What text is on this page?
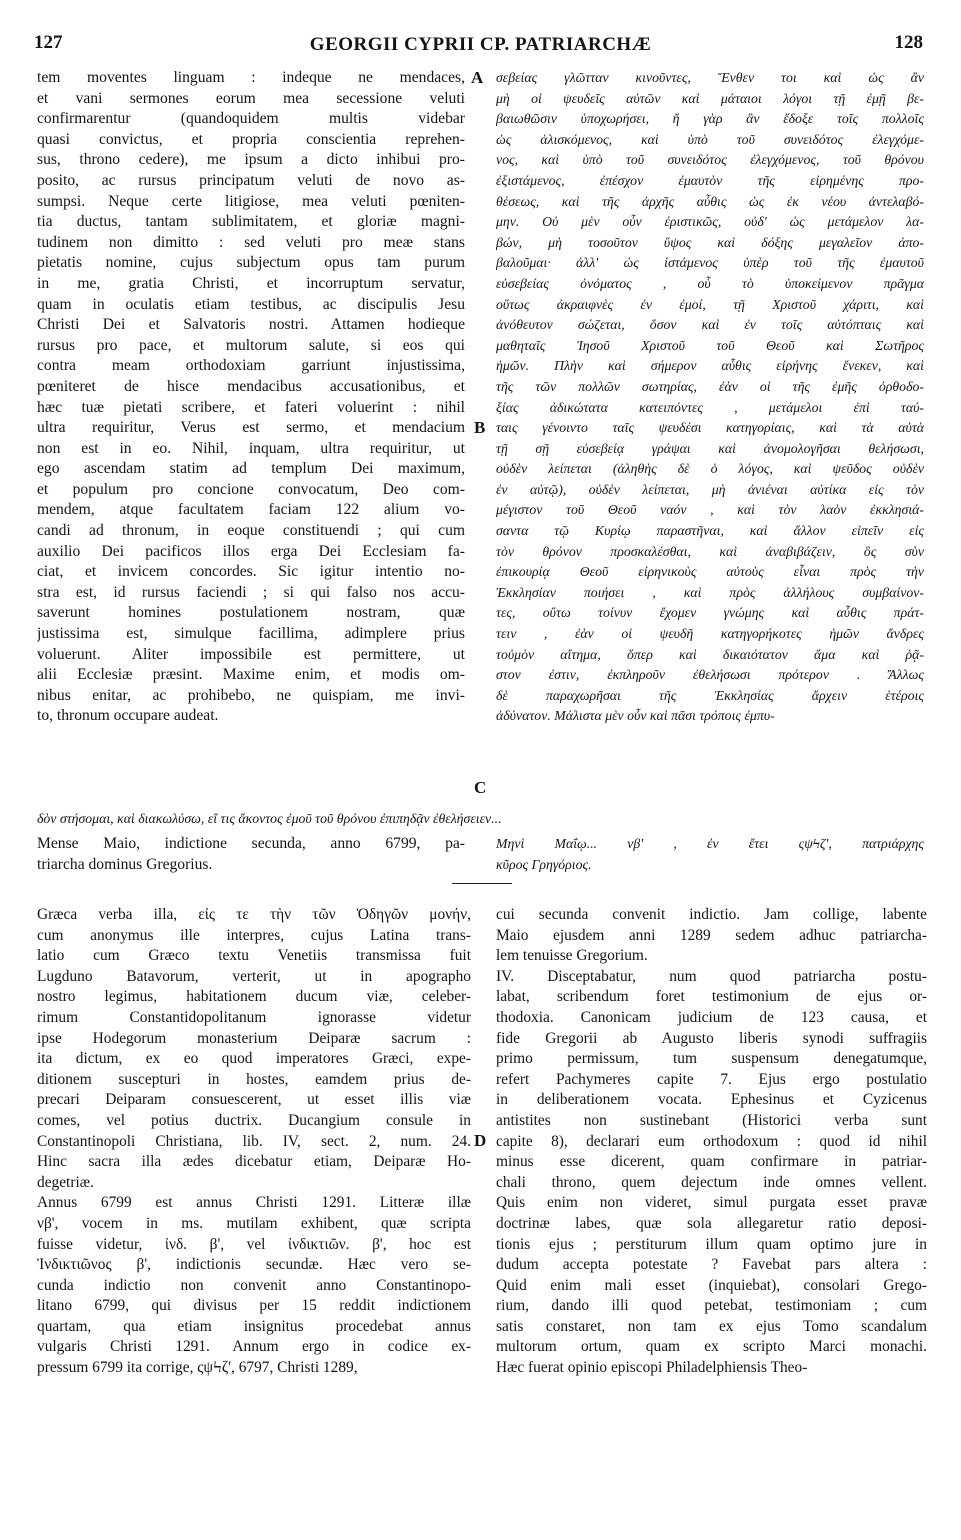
127	GEORGII CYPRII CP. PATRIARCHÆ	128
tem moventes linguam : indeque ne mendaces,
et vani sermones eorum mea secessione veluti
confirmarentur (quandoquidem multis videbar
quasi convictus, et propria conscientia reprehen-
sus, throno cedere), me ipsum a dicto inhibui pro-
posito, ac rursus principatum veluti de novo as-
sumpsi. Neque certe litigiose, mea veluti pœniten-
tia ductus, tantam sublimitatem, et gloriæ magni-
tudinem non dimitto : sed veluti pro meæ stans
pietatis nomine, cujus subjectum opus tam purum
in me, gratia Christi, et incorruptum servatur,
quam in oculatis etiam testibus, ac discipulis Jesu
Christi Dei et Salvatoris nostri. Attamen hodieque
rursus pro pace, et multorum salute, si eos qui
contra meam orthodoxiam garriunt injustissima,
pœniteret de hisce mendacibus accusationibus, et
hæc tuæ pietati scribere, et fateri voluerint : nihil
ultra requiritur, Verus est sermo, et mendacium
non est in eo. Nihil, inquam, ultra requiritur, ut
ego ascendam statim ad templum Dei maximum,
et populum pro concione convocatum, Deo com-
mendem, atque facultatem faciam 122 alium vo-
candi ad thronum, in eoque constituendi ; qui cum
auxilio Dei pacificos illos erga Dei Ecclesiam fa-
ciat, et invicem concordes. Sic igitur intentio no-
stra est, id rursus faciendi ; si qui falso nos accu-
saverunt homines postulationem nostram, quæ
justissima est, simulque facillima, adimplere prius
voluerunt. Aliter impossibile est permittere, ut
alii Ecclesiæ præsint. Maxime enim, et modis om-
nibus enitar, ac prohibebo, ne quispiam, me invi-
to, thronum occupare audeat.
σεβείας γλῶτταν κινοῦντες, Ἔνθεν τοι καὶ ὡς ἂν
μὴ οἱ ψευδεῖς αὐτῶν καὶ μάταιοι λόγοι τῇ ἐμῇ βε-
βαιωθῶσιν ὑποχωρήσει, ἤ γὰρ ἂν ἔδοξε τοῖς πολλοῖς
ὡς ἁλισκόμενος, καὶ ὑπὸ τοῦ συνειδότος ἐλεγχόμε-
νος, καὶ ὑπὸ τοῦ συνειδότος ἐλεγχόμενος, τοῦ θρόνου
ἐξιστάμενος, ἐπέσχον ἐμαυτὸν τῆς εἰρημένης προ-
θέσεως, καὶ τῆς ἀρχῆς αὖθις ὡς ἐκ νέου ἀντελαβό-
μην. Οὐ μὲν οὖν ἐριστικῶς, οὐδ' ὡς μετάμελον λα-
βών, μὴ τοσοῦτον ὕψος καὶ δόξης μεγαλεῖον ἀπο-
βαλοῦμαι· ἀλλ' ὡς ἱστάμενος ὑπὲρ τοῦ τῆς ἐμαυτοῦ
εὐσεβείας ὀνόματος , οὗ τὸ ὑποκείμενον πρᾶγμα
οὕτως ἀκραιφνὲς ἐν ἐμοί, τῇ Χριστοῦ χάριτι, καὶ
ἀνόθευτον σώζεται, ὅσον καὶ ἐν τοῖς αὐτόπταις καὶ
μαθηταῖς Ἰησοῦ Χριστοῦ τοῦ Θεοῦ καὶ Σωτῆρος
ἡμῶν. Πλὴν καὶ σήμερον αὖθις εἰρήνης ἕνεκεν, καὶ
τῆς τῶν πολλῶν σωτηρίας, ἐὰν οἱ τῆς ἐμῆς ὀρθοδο-
ξίας ἀδικώτατα κατειπόντες , μετάμελοι ἐπὶ ταύ-
ταις γένοιντο ταῖς ψευδέσι κατηγορίαις, καὶ τὰ αὐτὰ
τῇ σῇ εὐσεβείᾳ γράψαι καὶ ἀνομολογῆσαι θελήσωσι,
οὐδὲν λείπεται (ἀληθὴς δὲ ὁ λόγος, καὶ ψεῦδος οὐδὲν
ἐν αὐτῷ), οὐδὲν λείπεται, μὴ ἀνιέναι αὐτίκα εἰς τὸν
μέγιστον τοῦ Θεοῦ ναόν , καὶ τὸν λαὸν ἐκκλησιά-
σαντα τῷ Κυρίῳ παραστῆναι, καὶ ἄλλον εἰπεῖν εἰς
τὸν θρόνον προσκαλέσθαι, καὶ ἀναβιβάζειν, ὃς σὺν
ἐπικουρίᾳ Θεοῦ εἰρηνικοὺς αὐτοὺς εἶναι πρὸς τὴν
Ἐκκλησίαν ποιήσει , καὶ πρὸς ἀλλήλους συμβαίνον-
τες, οὕτω τοίνυν ἔχομεν γνώμης καὶ αὖθις πράτ-
τειν , ἐὰν οἱ ψευδῆ κατηγορήκοτες ἡμῶν ἄνδρες
τοὐμὸν αἴτημα, ὅπερ καὶ δικαιότατον ἅμα καὶ ῥᾷ-
στον ἐστιν, ἐκπληροῦν ἐθελήσωσι πρότερον . Ἄλλως
δὲ παραχωρῆσαι τῆς Ἐκκλησίας ἄρχειν ἑτέροις
ἀδύνατον. Μάλιστα μὲν οὖν καὶ πᾶσι τρόποις ἐμπυ-
A
B
C
D
δὸν στήσομαι, καὶ διακωλύσω, εἴ τις ἄκοντος ἐμοῦ τοῦ θρόνου ἐπιπηδᾷν ἐθελήσειεν...
Mense Maio, indictione secunda, anno 6799, pa-
triarcha dominus Gregorius.
Μηνὶ Μαΐῳ... νβ' , ἐν ἔτει ςψϞζ', πατριάρχης
κῦρος Γρηγόριος.
Græca verba illa, εἰς τε τὴν τῶν Ὁδηγῶν μονήν,
cum anonymus ille interpres, cujus Latina trans-
latio cum Græco textu Venetiis transmissa fuit
Lugduno Batavorum, verterit, ut in apographo
nostro legimus, habitationem ducum viæ, celeber-
rimum Constantidopolitanum ignorasse videtur
ipse Hodegorum monasterium Deiparæ sacrum :
ita dictum, ex eo quod imperatores Græci, expe-
ditionem suscepturi in hostes, eamdem prius de-
precari Deiparam consuescerent, ut esset illis viæ
comes, vel potius ductrix. Ducangium consule in
Constantinopoli Christiana, lib. IV, sect. 2, num. 24.
Hinc sacra illa ædes dicebatur etiam, Deiparæ Ho-
degetriæ.
Annus 6799 est annus Christi 1291. Litteræ illæ
νβ', vocem in ms. mutilam exhibent, quæ scripta
fuisse videtur, ἰνδ. β', vel ἰνδικτιῶν. β', hoc est
Ἰνδικτιῶνος β', indictionis secundæ. Hæc vero se-
cunda indictio non convenit anno Constantinopo-
litano 6799, qui divisus per 15 reddit indictionem
quartam, qua etiam insignitus procedebat annus
vulgaris Christi 1291. Annum ergo in codice ex-
pressum 6799 ita corrige, ςψϞζ', 6797, Christi 1289,
cui secunda convenit indictio. Jam collige, labente
Maio ejusdem anni 1289 sedem adhuc patriarcha-
lem tenuisse Gregorium.
IV. Disceptabatur, num quod patriarcha postu-
labat, scribendum foret testimonium de ejus or-
thodoxia. Canonicam judicium de 123 causa, et
fide Gregorii ab Augusto liberis synodi suffragiis
primo permissum, tum suspensum denegatumque,
refert Pachymeres capite 7. Ejus ergo postulatio
in deliberationem vocata. Ephesinus et Cyzicenus
antistites non sustinebant (Historici verba sunt
capite 8), declarari eum orthodoxum : quod id nihil
minus esse dicerent, quam confirmare in patriar-
chali throno, quem dejectum inde omnes vellent.
Quis enim non videret, simul purgata esset pravæ
doctrinæ labes, quæ sola allegaretur ratio deposi-
tionis ejus ; perstiturum illum quam optimo jure in
dudum accepta potestate ? Favebat pars altera :
Quid enim mali esset (inquiebat), consolari Grego-
rium, dando illi quod petebat, testimoniam ; cum
satis constaret, non tam ex ejus Tomo scandalum
multorum ortum, quam ex scripto Marci monachi.
Hæc fuerat opinio episcopi Philadelphiensis Theo-
